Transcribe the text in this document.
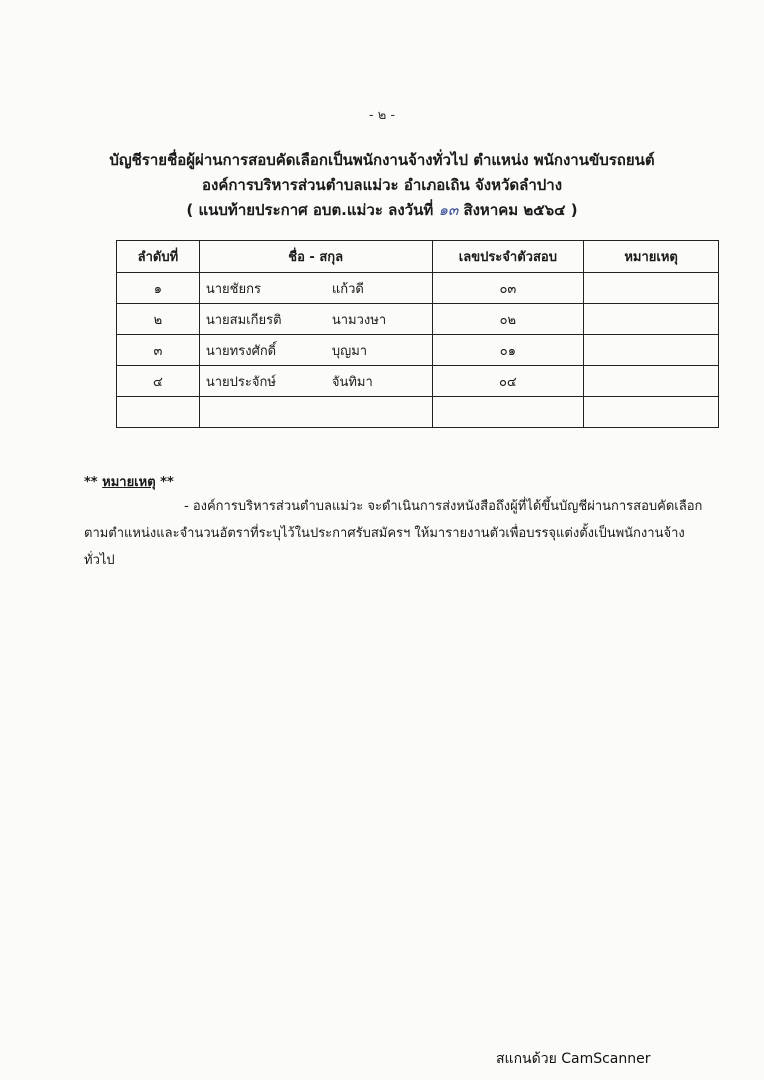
- ๒ -
บัญชีรายชื่อผู้ผ่านการสอบคัดเลือกเป็นพนักงานจ้างทั่วไป ตำแหน่ง พนักงานขับรถยนต์
องค์การบริหารส่วนตำบลแม่วะ อำเภอเถิน จังหวัดลำปาง
( แนบท้ายประกาศ อบต.แม่วะ ลงวันที่ ๑๓ สิงหาคม ๒๕๖๔ )
ลำดับที่	ชื่อ - สกุล	เลขประจำตัวสอบ	หมายเหตุ
๑	นายชัยกร แก้วดี	๐๓	
๒	นายสมเกียรติ นามวงษา	๐๒	
๓	นายทรงศักดิ์ บุญมา	๐๑	
๔	นายประจักษ์ จันทิมา	๐๔	

** หมายเหตุ **
- องค์การบริหารส่วนตำบลแม่วะ จะดำเนินการส่งหนังสือถึงผู้ที่ได้ขึ้นบัญชีผ่านการสอบคัดเลือกตามตำแหน่งและจำนวนอัตราที่ระบุไว้ในประกาศรับสมัครฯ ให้มารายงานตัวเพื่อบรรจุแต่งตั้งเป็นพนักงานจ้างทั่วไป
สแกนด้วย CamScanner
